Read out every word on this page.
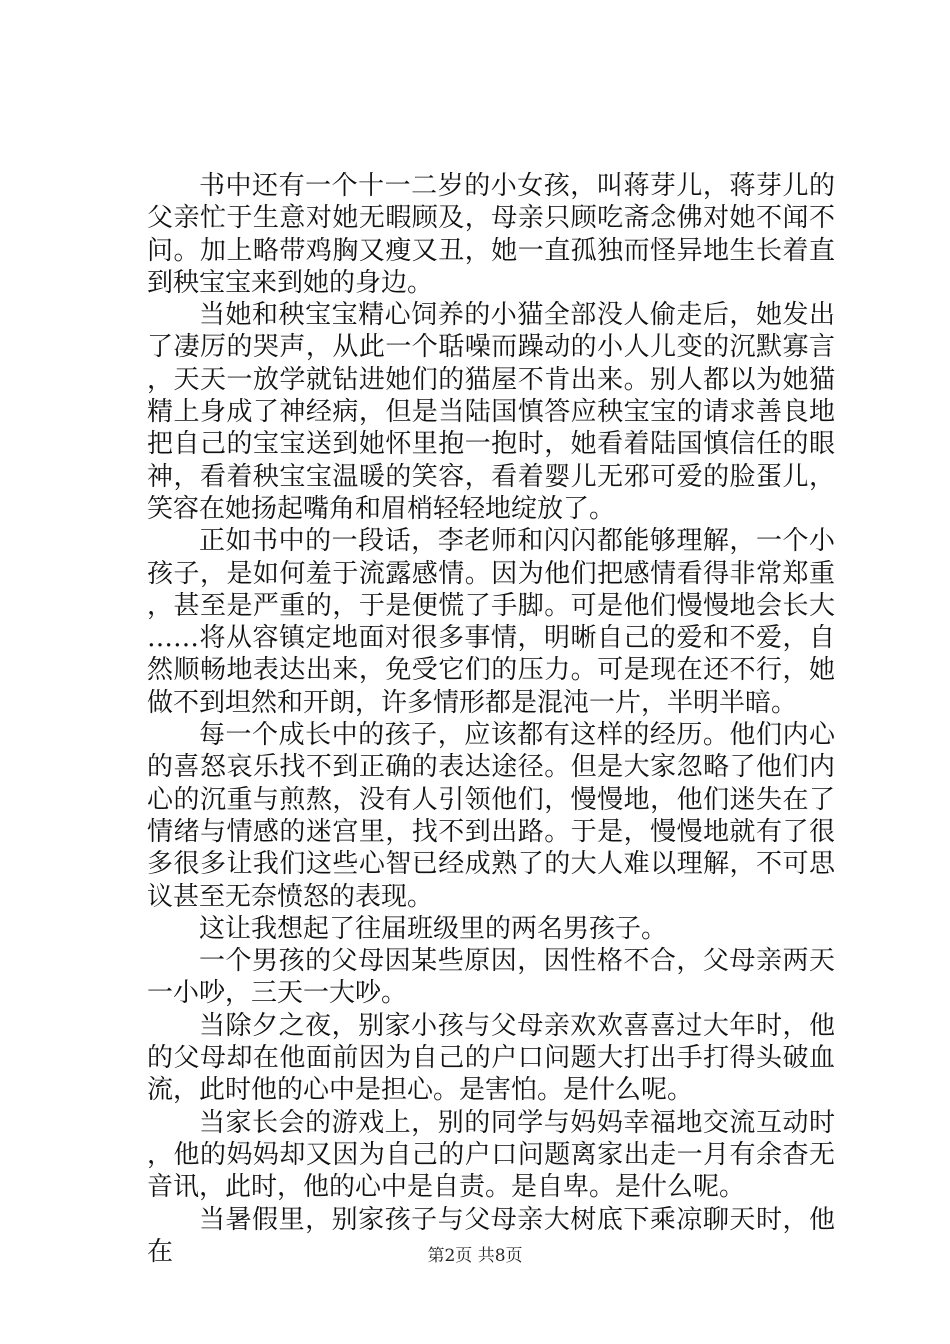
书中还有一个十一二岁的小女孩，叫蒋芽儿，蒋芽儿的父亲忙于生意对她无暇顾及，母亲只顾吃斋念佛对她不闻不问。加上略带鸡胸又瘦又丑，她一直孤独而怪异地生长着直到秧宝宝来到她的身边。

当她和秧宝宝精心饲养的小猫全部没人偷走后，她发出了凄厉的哭声，从此一个聒噪而躁动的小人儿变的沉默寡言，天天一放学就钻进她们的猫屋不肯出来。别人都以为她猫精上身成了神经病，但是当陆国慎答应秧宝宝的请求善良地把自己的宝宝送到她怀里抱一抱时，她看着陆国慎信任的眼神，看着秧宝宝温暖的笑容，看着婴儿无邪可爱的脸蛋儿，笑容在她扬起嘴角和眉梢轻轻地绽放了。

正如书中的一段话，李老师和闪闪都能够理解，一个小孩子，是如何羞于流露感情。因为他们把感情看得非常郑重，甚至是严重的，于是便慌了手脚。可是他们慢慢地会长大……将从容镇定地面对很多事情，明晰自己的爱和不爱，自然顺畅地表达出来，免受它们的压力。可是现在还不行，她做不到坦然和开朗，许多情形都是混沌一片，半明半暗。

每一个成长中的孩子，应该都有这样的经历。他们内心的喜怒哀乐找不到正确的表达途径。但是大家忽略了他们内心的沉重与煎熬，没有人引领他们，慢慢地，他们迷失在了情绪与情感的迷宫里，找不到出路。于是，慢慢地就有了很多很多让我们这些心智已经成熟了的大人难以理解，不可思议甚至无奈愤怒的表现。

这让我想起了往届班级里的两名男孩子。

一个男孩的父母因某些原因，因性格不合，父母亲两天一小吵，三天一大吵。

当除夕之夜，别家小孩与父母亲欢欢喜喜过大年时，他的父母却在他面前因为自己的户口问题大打出手打得头破血流，此时他的心中是担心。是害怕。是什么呢。

当家长会的游戏上，别的同学与妈妈幸福地交流互动时，他的妈妈却又因为自己的户口问题离家出走一月有余杳无音讯，此时，他的心中是自责。是自卑。是什么呢。

当暑假里，别家孩子与父母亲大树底下乘凉聊天时，他在	第2页 共8页
